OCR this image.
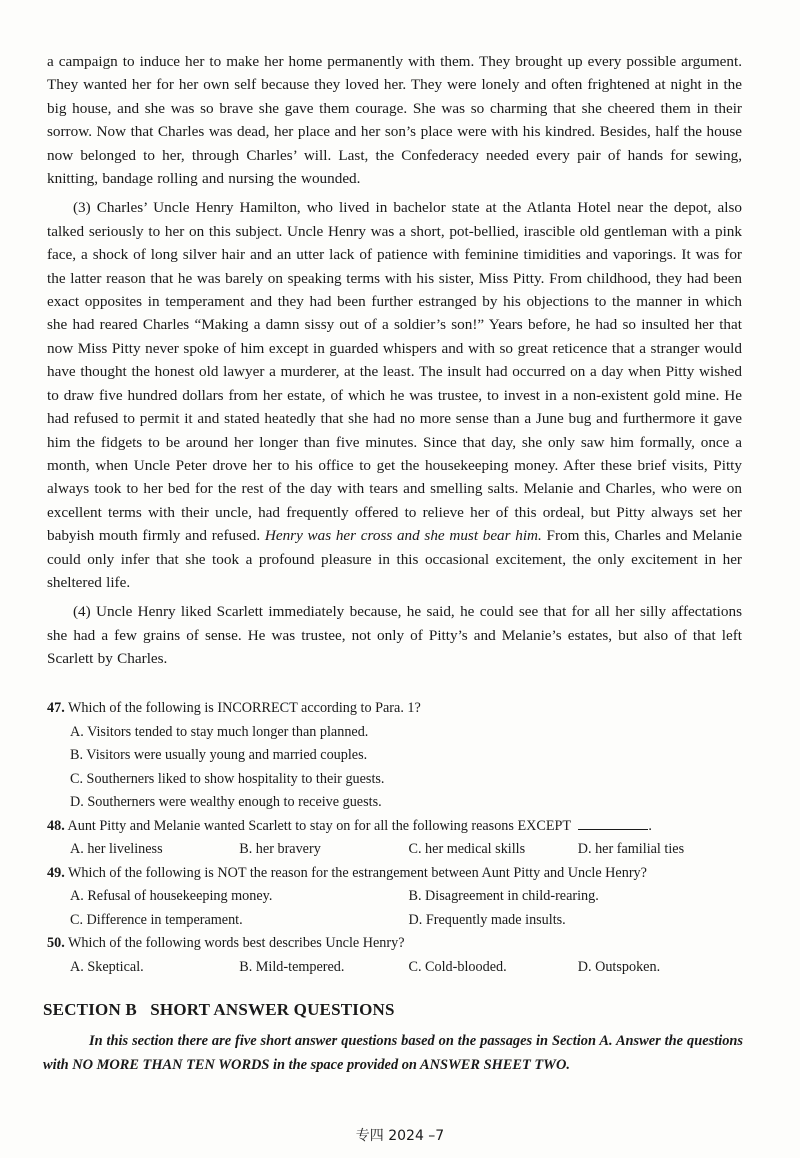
a campaign to induce her to make her home permanently with them. They brought up every possible argument. They wanted her for her own self because they loved her. They were lonely and often frightened at night in the big house, and she was so brave she gave them courage. She was so charming that she cheered them in their sorrow. Now that Charles was dead, her place and her son’s place were with his kindred. Besides, half the house now belonged to her, through Charles’ will. Last, the Confederacy needed every pair of hands for sewing, knitting, bandage rolling and nursing the wounded.

(3) Charles’ Uncle Henry Hamilton, who lived in bachelor state at the Atlanta Hotel near the depot, also talked seriously to her on this subject. Uncle Henry was a short, pot-bellied, irascible old gentleman with a pink face, a shock of long silver hair and an utter lack of patience with feminine timidities and vaporings. It was for the latter reason that he was barely on speaking terms with his sister, Miss Pitty. From childhood, they had been exact opposites in temperament and they had been further estranged by his objections to the manner in which she had reared Charles “Making a damn sissy out of a soldier’s son!” Years before, he had so insulted her that now Miss Pitty never spoke of him except in guarded whispers and with so great reticence that a stranger would have thought the honest old lawyer a murderer, at the least. The insult had occurred on a day when Pitty wished to draw five hundred dollars from her estate, of which he was trustee, to invest in a non-existent gold mine. He had refused to permit it and stated heatedly that she had no more sense than a June bug and furthermore it gave him the fidgets to be around her longer than five minutes. Since that day, she only saw him formally, once a month, when Uncle Peter drove her to his office to get the housekeeping money. After these brief visits, Pitty always took to her bed for the rest of the day with tears and smelling salts. Melanie and Charles, who were on excellent terms with their uncle, had frequently offered to relieve her of this ordeal, but Pitty always set her babyish mouth firmly and refused. Henry was her cross and she must bear him. From this, Charles and Melanie could only infer that she took a profound pleasure in this occasional excitement, the only excitement in her sheltered life.

(4) Uncle Henry liked Scarlett immediately because, he said, he could see that for all her silly affectations she had a few grains of sense. He was trustee, not only of Pitty’s and Melanie’s estates, but also of that left Scarlett by Charles.

47. Which of the following is INCORRECT according to Para. 1?
A. Visitors tended to stay much longer than planned.
B. Visitors were usually young and married couples.
C. Southerners liked to show hospitality to their guests.
D. Southerners were wealthy enough to receive guests.
48. Aunt Pitty and Melanie wanted Scarlett to stay on for all the following reasons EXCEPT	.
A. her liveliness	B. her bravery	C. her medical skills	D. her familial ties
49. Which of the following is NOT the reason for the estrangement between Aunt Pitty and Uncle Henry?
A. Refusal of housekeeping money.	B. Disagreement in child-rearing.
C. Difference in temperament.	D. Frequently made insults.
50. Which of the following words best describes Uncle Henry?
A. Skeptical.	B. Mild-tempered.	C. Cold-blooded.	D. Outspoken.
SECTION B   SHORT ANSWER QUESTIONS

In this section there are five short answer questions based on the passages in Section A. Answer the questions with NO MORE THAN TEN WORDS in the space provided on ANSWER SHEET TWO.

专四 2024 –7
